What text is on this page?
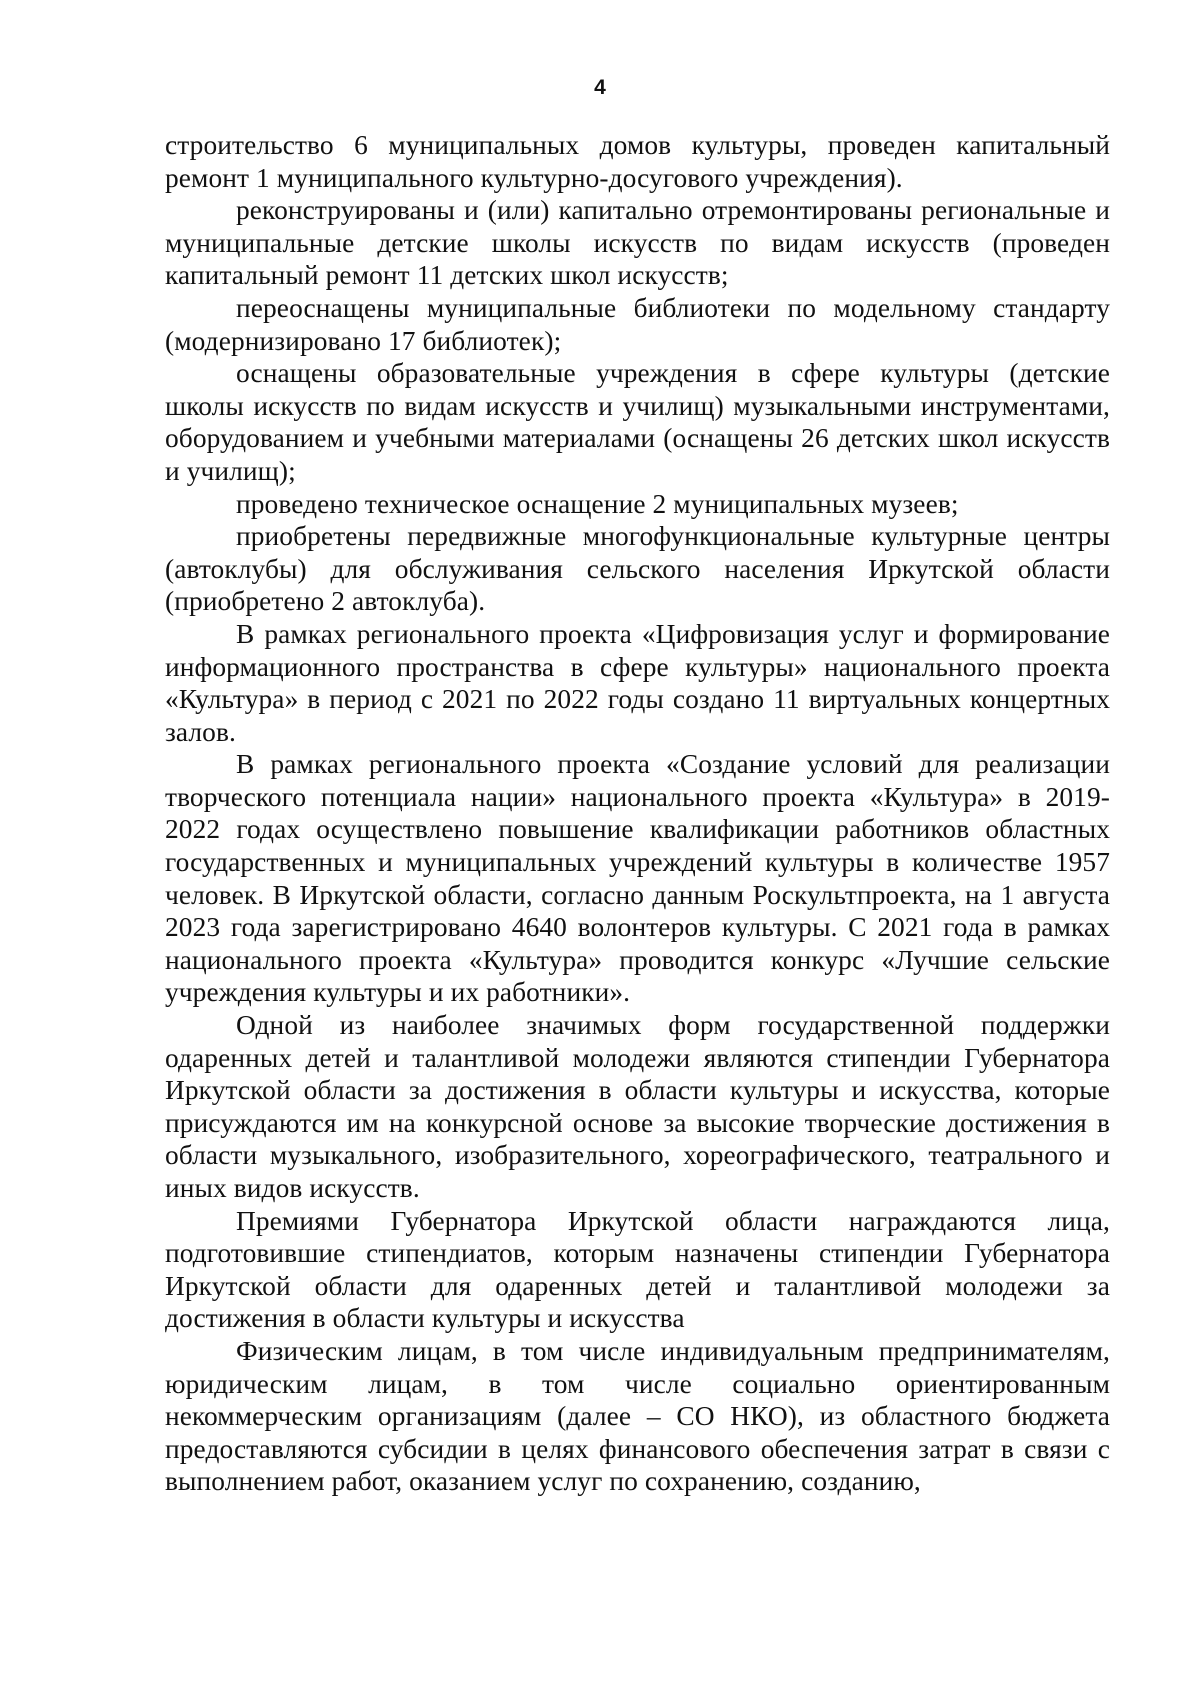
4

строительство 6 муниципальных домов культуры, проведен капитальный ремонт 1 муниципального культурно-досугового учреждения).

реконструированы и (или) капитально отремонтированы региональные и муниципальные детские школы искусств по видам искусств (проведен капитальный ремонт 11 детских школ искусств;

переоснащены муниципальные библиотеки по модельному стандарту (модернизировано 17 библиотек);

оснащены образовательные учреждения в сфере культуры (детские школы искусств по видам искусств и училищ) музыкальными инструментами, оборудованием и учебными материалами (оснащены 26 детских школ искусств и училищ);

проведено техническое оснащение 2 муниципальных музеев;

приобретены передвижные многофункциональные культурные центры (автоклубы) для обслуживания сельского населения Иркутской области (приобретено 2 автоклуба).

В рамках регионального проекта «Цифровизация услуг и формирование информационного пространства в сфере культуры» национального проекта «Культура» в период с 2021 по 2022 годы создано 11 виртуальных концертных залов.

В рамках регионального проекта «Создание условий для реализации творческого потенциала нации» национального проекта «Культура» в 2019-2022 годах осуществлено повышение квалификации работников областных государственных и муниципальных учреждений культуры в количестве 1957 человек. В Иркутской области, согласно данным Роскультпроекта, на 1 августа 2023 года зарегистрировано 4640 волонтеров культуры. С 2021 года в рамках национального проекта «Культура» проводится конкурс «Лучшие сельские учреждения культуры и их работники».

Одной из наиболее значимых форм государственной поддержки одаренных детей и талантливой молодежи являются стипендии Губернатора Иркутской области за достижения в области культуры и искусства, которые присуждаются им на конкурсной основе за высокие творческие достижения в области музыкального, изобразительного, хореографического, театрального и иных видов искусств.

Премиями Губернатора Иркутской области награждаются лица, подготовившие стипендиатов, которым назначены стипендии Губернатора Иркутской области для одаренных детей и талантливой молодежи за достижения в области культуры и искусства

Физическим лицам, в том числе индивидуальным предпринимателям, юридическим лицам, в том числе социально ориентированным некоммерческим организациям (далее – СО НКО), из областного бюджета предоставляются субсидии в целях финансового обеспечения затрат в связи с выполнением работ, оказанием услуг по сохранению, созданию,
